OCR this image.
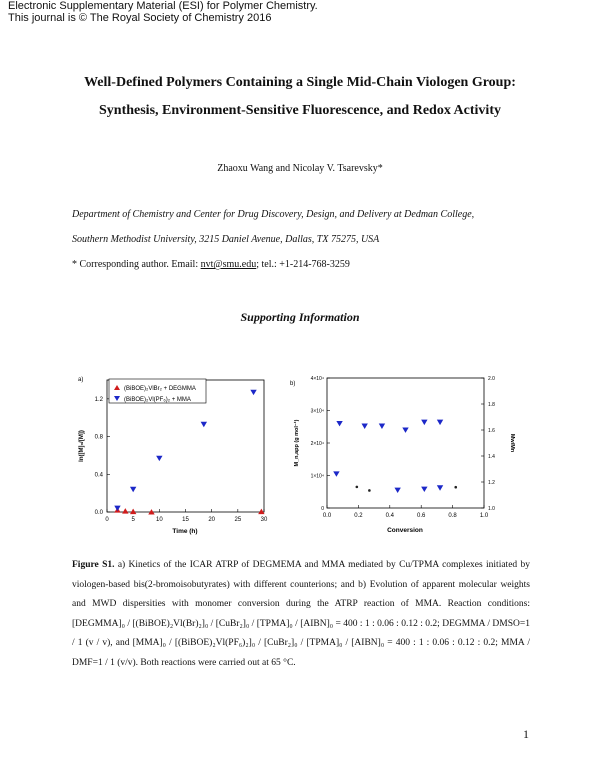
Electronic Supplementary Material (ESI) for Polymer Chemistry.
This journal is © The Royal Society of Chemistry 2016
Well-Defined Polymers Containing a Single Mid-Chain Viologen Group:
Synthesis, Environment-Sensitive Fluorescence, and Redox Activity
Zhaoxu Wang and Nicolay V. Tsarevsky*
Department of Chemistry and Center for Drug Discovery, Design, and Delivery at Dedman College,
Southern Methodist University, 3215 Daniel Avenue, Dallas, TX 75275, USA
* Corresponding author. Email: nvt@smu.edu; tel.: +1-214-768-3259
Supporting Information
a)
0	5	10	15	20	25	30
0.0
0.4
0.8
1.2
Time (h)
ln([M]₀/[M])
(BiBOE)₂VlBr₂ + DEGMMA
(BiBOE)₂Vl(PF₆)₂ + MMA
b)
0.0	0.2	0.4	0.6	0.8	1.0
0
1×10⁴
2×10⁴
3×10⁴
4×10⁴
1.0
1.2
1.4
1.6
1.8
2.0
Conversion
M_n,app (g mol⁻¹)	Mw/Mn
Figure S1. a) Kinetics of the ICAR ATRP of DEGMEMA and MMA mediated by Cu/TPMA complexes initiated by viologen-based bis(2-bromoisobutyrates) with different counterions; and b) Evolution of apparent molecular weights and MWD dispersities with monomer conversion during the ATRP reaction of MMA. Reaction conditions: [DEGMMA]₀ / [(BiBOE)₂Vl(Br)₂]₀ / [CuBr₂]₀ / [TPMA]₀ / [AIBN]₀ = 400 : 1 : 0.06 : 0.12 : 0.2; DEGMMA / DMSO=1 / 1 (v / v), and [MMA]₀ / [(BiBOE)₂Vl(PF₆)₂]₀ / [CuBr₂]₀ / [TPMA]₀ / [AIBN]₀ = 400 : 1 : 0.06 : 0.12 : 0.2; MMA / DMF=1 / 1 (v/v). Both reactions were carried out at 65 °C.
1
